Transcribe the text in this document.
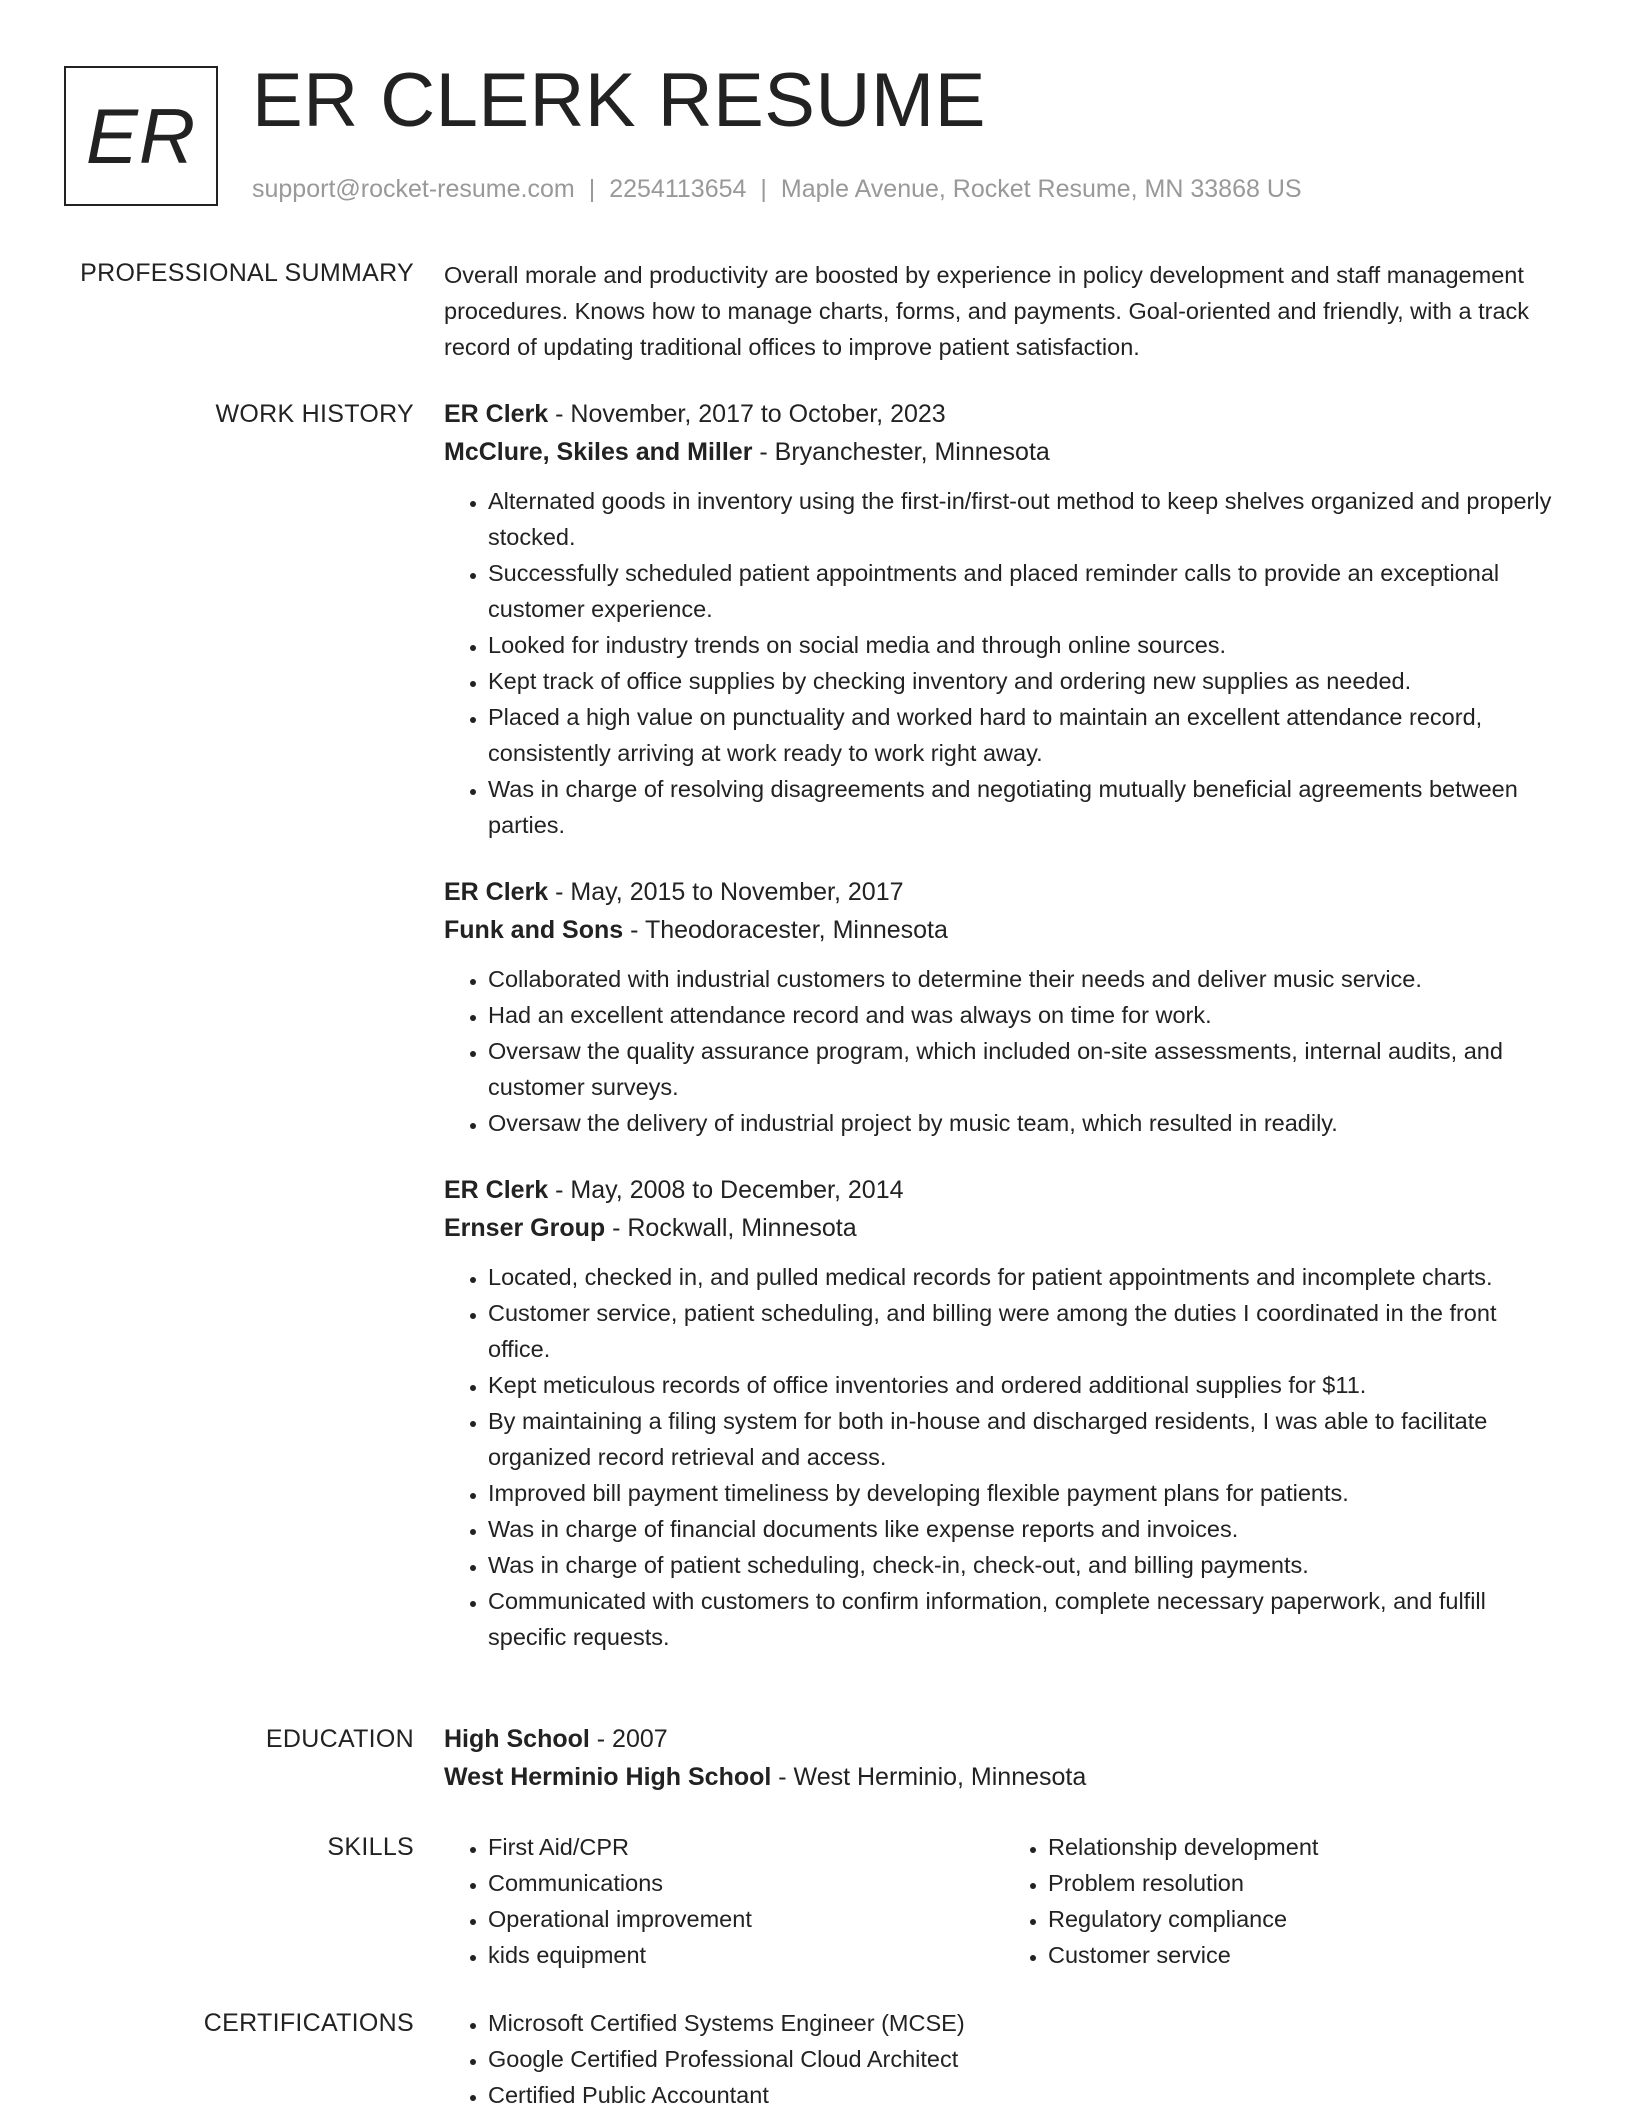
ER ER CLERK RESUME
support@rocket-resume.com | 2254113654 | Maple Avenue, Rocket Resume, MN 33868 US
PROFESSIONAL SUMMARY Overall morale and productivity are boosted by experience in policy development and staff management procedures. Knows how to manage charts, forms, and payments. Goal-oriented and friendly, with a track record of updating traditional offices to improve patient satisfaction.

WORK HISTORY ER Clerk - November, 2017 to October, 2023
McClure, Skiles and Miller - Bryanchester, Minnesota
• Alternated goods in inventory using the first-in/first-out method to keep shelves organized and properly stocked.
• Successfully scheduled patient appointments and placed reminder calls to provide an exceptional customer experience.
• Looked for industry trends on social media and through online sources.
• Kept track of office supplies by checking inventory and ordering new supplies as needed.
• Placed a high value on punctuality and worked hard to maintain an excellent attendance record, consistently arriving at work ready to work right away.
• Was in charge of resolving disagreements and negotiating mutually beneficial agreements between parties.
ER Clerk - May, 2015 to November, 2017
Funk and Sons - Theodoracester, Minnesota
• Collaborated with industrial customers to determine their needs and deliver music service.
• Had an excellent attendance record and was always on time for work.
• Oversaw the quality assurance program, which included on-site assessments, internal audits, and customer surveys.
• Oversaw the delivery of industrial project by music team, which resulted in readily.
ER Clerk - May, 2008 to December, 2014
Ernser Group - Rockwall, Minnesota
• Located, checked in, and pulled medical records for patient appointments and incomplete charts.
• Customer service, patient scheduling, and billing were among the duties I coordinated in the front office.
• Kept meticulous records of office inventories and ordered additional supplies for $11.
• By maintaining a filing system for both in-house and discharged residents, I was able to facilitate organized record retrieval and access.
• Improved bill payment timeliness by developing flexible payment plans for patients.
• Was in charge of financial documents like expense reports and invoices.
• Was in charge of patient scheduling, check-in, check-out, and billing payments.
• Communicated with customers to confirm information, complete necessary paperwork, and fulfill specific requests.
EDUCATION High School - 2007
West Herminio High School - West Herminio, Minnesota
SKILLS	• First Aid/CPR
• Communications
• Operational improvement
• kids equipment
• Relationship development
• Problem resolution
• Regulatory compliance
• Customer service
CERTIFICATIONS	• Microsoft Certified Systems Engineer (MCSE)
• Google Certified Professional Cloud Architect
• Certified Public Accountant
